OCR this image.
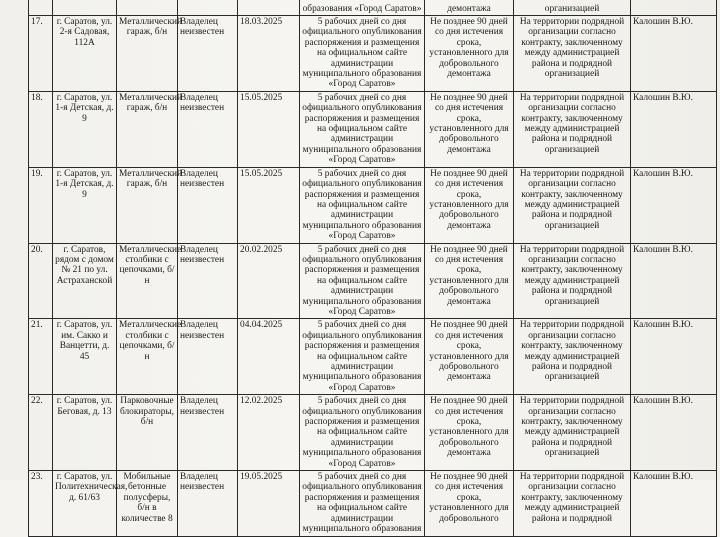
					образования «Город Саратов»	демонтажа	организацией	
17.	г. Саратов, ул. 2-я Садовая, 112А	Металлический гараж, б/н	Владелец неизвестен	18.03.2025	5 рабочих дней со дня официального опубликования распоряжения и размещения на официальном сайте администрации муниципального образования «Город Саратов»	Не позднее 90 дней со дня истечения срока, установленного для добровольного демонтажа	На территории подрядной организации согласно контракту, заключенному между администрацией района и подрядной организацией	Калошин В.Ю.
18.	г. Саратов, ул. 1-я Детская, д. 9	Металлический гараж, б/н	Владелец неизвестен	15.05.2025	5 рабочих дней со дня официального опубликования распоряжения и размещения на официальном сайте администрации муниципального образования «Город Саратов»	Не позднее 90 дней со дня истечения срока, установленного для добровольного демонтажа	На территории подрядной организации согласно контракту, заключенному между администрацией района и подрядной организацией	Калошин В.Ю.
19.	г. Саратов, ул. 1-я Детская, д. 9	Металлический гараж, б/н	Владелец неизвестен	15.05.2025	5 рабочих дней со дня официального опубликования распоряжения и размещения на официальном сайте администрации муниципального образования «Город Саратов»	Не позднее 90 дней со дня истечения срока, установленного для добровольного демонтажа	На территории подрядной организации согласно контракту, заключенному между администрацией района и подрядной организацией	Калошин В.Ю.
20.	г. Саратов, рядом с домом № 21 по ул. Астраханской	Металлические столбики с цепочками, б/н	Владелец неизвестен	20.02.2025	5 рабочих дней со дня официального опубликования распоряжения и размещения на официальном сайте администрации муниципального образования «Город Саратов»	Не позднее 90 дней со дня истечения срока, установленного для добровольного демонтажа	На территории подрядной организации согласно контракту, заключенному между администрацией района и подрядной организацией	Калошин В.Ю.
21.	г. Саратов, ул. им. Сакко и Ванцетти, д. 45	Металлические столбики с цепочками, б/н	Владелец неизвестен	04.04.2025	5 рабочих дней со дня официального опубликования распоряжения и размещения на официальном сайте администрации муниципального образования «Город Саратов»	Не позднее 90 дней со дня истечения срока, установленного для добровольного демонтажа	На территории подрядной организации согласно контракту, заключенному между администрацией района и подрядной организацией	Калошин В.Ю.
22.	г. Саратов, ул. Беговая, д. 13	Парковочные блокираторы, б/н	Владелец неизвестен	12.02.2025	5 рабочих дней со дня официального опубликования распоряжения и размещения на официальном сайте администрации муниципального образования «Город Саратов»	Не позднее 90 дней со дня истечения срока, установленного для добровольного демонтажа	На территории подрядной организации согласно контракту, заключенному между администрацией района и подрядной организацией	Калошин В.Ю.
23.	г. Саратов, ул. Политехническая, д. 61/63	Мобильные бетонные полусферы, б/н в количестве 8	Владелец неизвестен	19.05.2025	5 рабочих дней со дня официального опубликования распоряжения и размещения на официальном сайте администрации муниципального образования	Не позднее 90 дней со дня истечения срока, установленного для добровольного	На территории подрядной организации согласно контракту, заключенному между администрацией района и подрядной	Калошин В.Ю.
